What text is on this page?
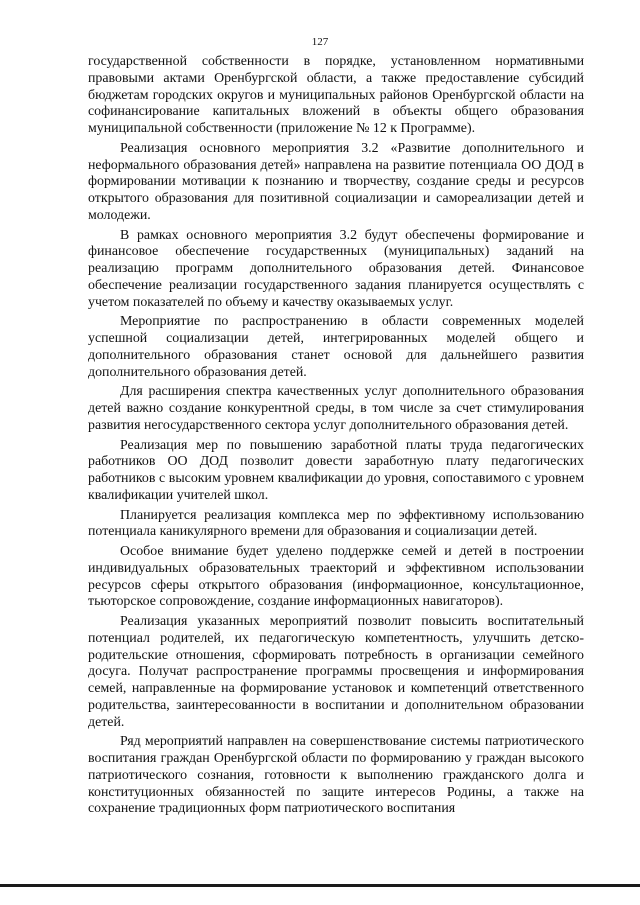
127

государственной собственности в порядке, установленном нормативными правовыми актами Оренбургской области, а также предоставление субсидий бюджетам городских округов и муниципальных районов Оренбургской области на софинансирование капитальных вложений в объекты общего образования муниципальной собственности (приложение № 12 к Программе).

Реализация основного мероприятия 3.2 «Развитие дополнительного и неформального образования детей» направлена на развитие потенциала ОО ДОД в формировании мотивации к познанию и творчеству, создание среды и ресурсов открытого образования для позитивной социализации и самореализации детей и молодежи.

В рамках основного мероприятия 3.2 будут обеспечены формирование и финансовое обеспечение государственных (муниципальных) заданий на реализацию программ дополнительного образования детей. Финансовое обеспечение реализации государственного задания планируется осуществлять с учетом показателей по объему и качеству оказываемых услуг.

Мероприятие по распространению в области современных моделей успешной социализации детей, интегрированных моделей общего и дополнительного образования станет основой для дальнейшего развития дополнительного образования детей.

Для расширения спектра качественных услуг дополнительного образования детей важно создание конкурентной среды, в том числе за счет стимулирования развития негосударственного сектора услуг дополнительного образования детей.

Реализация мер по повышению заработной платы труда педагогических работников ОО ДОД позволит довести заработную плату педагогических работников с высоким уровнем квалификации до уровня, сопоставимого с уровнем квалификации учителей школ.

Планируется реализация комплекса мер по эффективному использованию потенциала каникулярного времени для образования и социализации детей.

Особое внимание будет уделено поддержке семей и детей в построении индивидуальных образовательных траекторий и эффективном использовании ресурсов сферы открытого образования (информационное, консультационное, тьюторское сопровождение, создание информационных навигаторов).

Реализация указанных мероприятий позволит повысить воспитательный потенциал родителей, их педагогическую компетентность, улучшить детско-родительские отношения, сформировать потребность в организации семейного досуга. Получат распространение программы просвещения и информирования семей, направленные на формирование установок и компетенций ответственного родительства, заинтересованности в воспитании и дополнительном образовании детей.

Ряд мероприятий направлен на совершенствование системы патриотического воспитания граждан Оренбургской области по формированию у граждан высокого патриотического сознания, готовности к выполнению гражданского долга и конституционных обязанностей по защите интересов Родины, а также на сохранение традиционных форм патриотического воспитания
